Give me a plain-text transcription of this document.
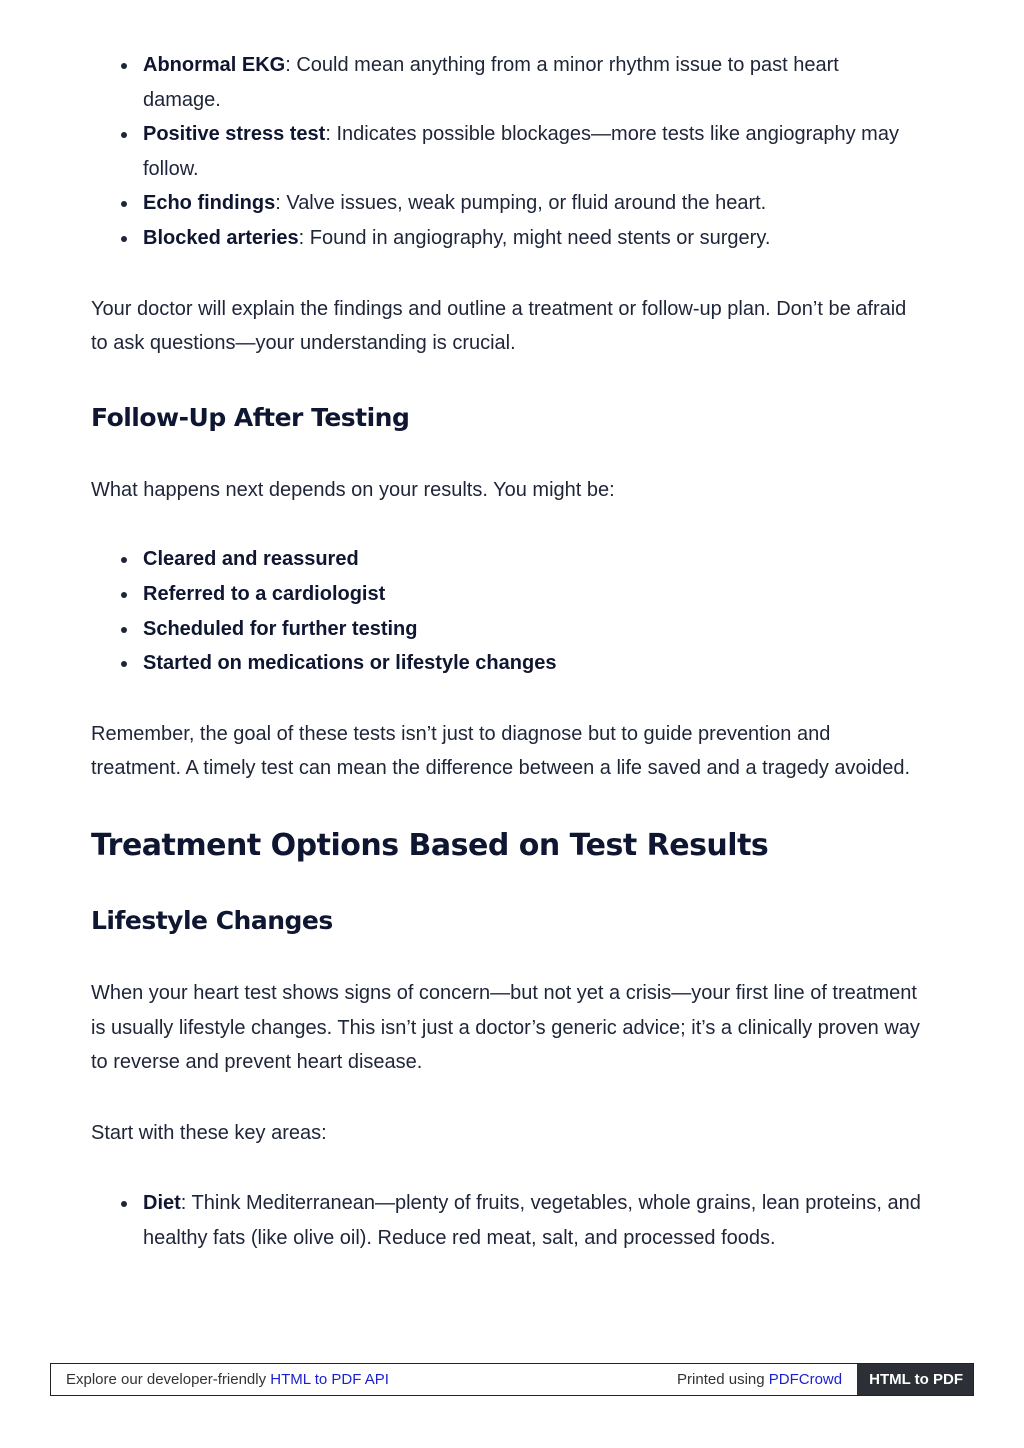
Abnormal EKG: Could mean anything from a minor rhythm issue to past heart damage.
Positive stress test: Indicates possible blockages—more tests like angiography may follow.
Echo findings: Valve issues, weak pumping, or fluid around the heart.
Blocked arteries: Found in angiography, might need stents or surgery.

Your doctor will explain the findings and outline a treatment or follow-up plan. Don’t be afraid to ask questions—your understanding is crucial.

Follow-Up After Testing

What happens next depends on your results. You might be:

Cleared and reassured
Referred to a cardiologist
Scheduled for further testing
Started on medications or lifestyle changes

Remember, the goal of these tests isn’t just to diagnose but to guide prevention and treatment. A timely test can mean the difference between a life saved and a tragedy avoided.

Treatment Options Based on Test Results
Lifestyle Changes

When your heart test shows signs of concern—but not yet a crisis—your first line of treatment is usually lifestyle changes. This isn’t just a doctor’s generic advice; it’s a clinically proven way to reverse and prevent heart disease.

Start with these key areas:

Diet: Think Mediterranean—plenty of fruits, vegetables, whole grains, lean proteins, and healthy fats (like olive oil). Reduce red meat, salt, and processed foods.
Explore our developer-friendly HTML to PDF API	Printed using PDFCrowd	HTML to PDF
